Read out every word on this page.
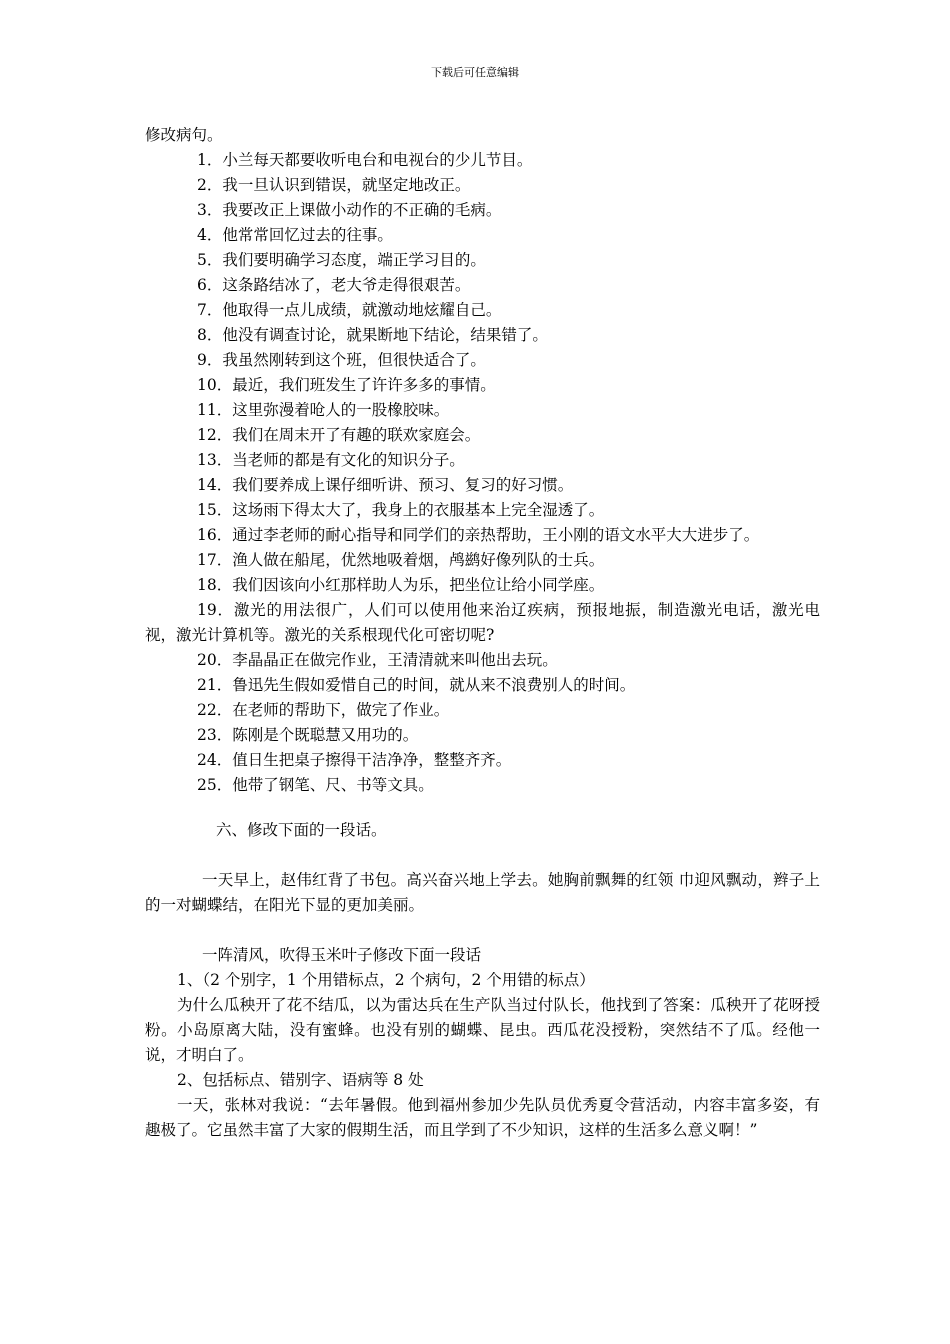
下载后可任意编辑
修改病句。
1．小兰每天都要收听电台和电视台的少儿节目。
2．我一旦认识到错误，就坚定地改正。
3．我要改正上课做小动作的不正确的毛病。
4．他常常回忆过去的往事。
5．我们要明确学习态度，端正学习目的。
6．这条路结冰了，老大爷走得很艰苦。
7．他取得一点儿成绩，就激动地炫耀自己。
8．他没有调查讨论，就果断地下结论，结果错了。
9．我虽然刚转到这个班，但很快适合了。
10．最近，我们班发生了许许多多的事情。
11．这里弥漫着呛人的一股橡胶味。
12．我们在周末开了有趣的联欢家庭会。
13．当老师的都是有文化的知识分子。
14．我们要养成上课仔细听讲、预习、复习的好习惯。
15．这场雨下得太大了，我身上的衣服基本上完全湿透了。
16．通过李老师的耐心指导和同学们的亲热帮助，王小刚的语文水平大大进步了。
17．渔人做在船尾，优然地吸着烟，鸬鹚好像列队的士兵。
18．我们因该向小红那样助人为乐，把坐位让给小同学座。
19．激光的用法很广，人们可以使用他来治辽疾病，预报地振，制造激光电话，激光电视，激光计算机等。激光的关系根现代化可密切呢?
20．李晶晶正在做完作业，王清清就来叫他出去玩。
21．鲁迅先生假如爱惜自己的时间，就从来不浪费别人的时间。
22．在老师的帮助下，做完了作业。
23．陈刚是个既聪慧又用功的。
24．值日生把桌子擦得干洁净净，整整齐齐。
25．他带了钢笔、尺、书等文具。
六、修改下面的一段话。
一天早上，赵伟红背了书包。高兴奋兴地上学去。她胸前飘舞的红领 巾迎风飘动，辫子上的一对蝴蝶结，在阳光下显的更加美丽。
一阵清风，吹得玉米叶子修改下面一段话
1、（2 个别字，1 个用错标点，2 个病句，2 个用错的标点）
为什么瓜秧开了花不结瓜，以为雷达兵在生产队当过付队长，他找到了答案：瓜秧开了花呀授粉。小岛原离大陆，没有蜜蜂。也没有别的蝴蝶、昆虫。西瓜花没授粉，突然结不了瓜。经他一说，才明白了。
2、包括标点、错别字、语病等 8 处
一天，张林对我说：“去年暑假。他到福州参加少先队员优秀夏令营活动，内容丰富多姿，有趣极了。它虽然丰富了大家的假期生活，而且学到了不少知识，这样的生活多么意义啊！”
